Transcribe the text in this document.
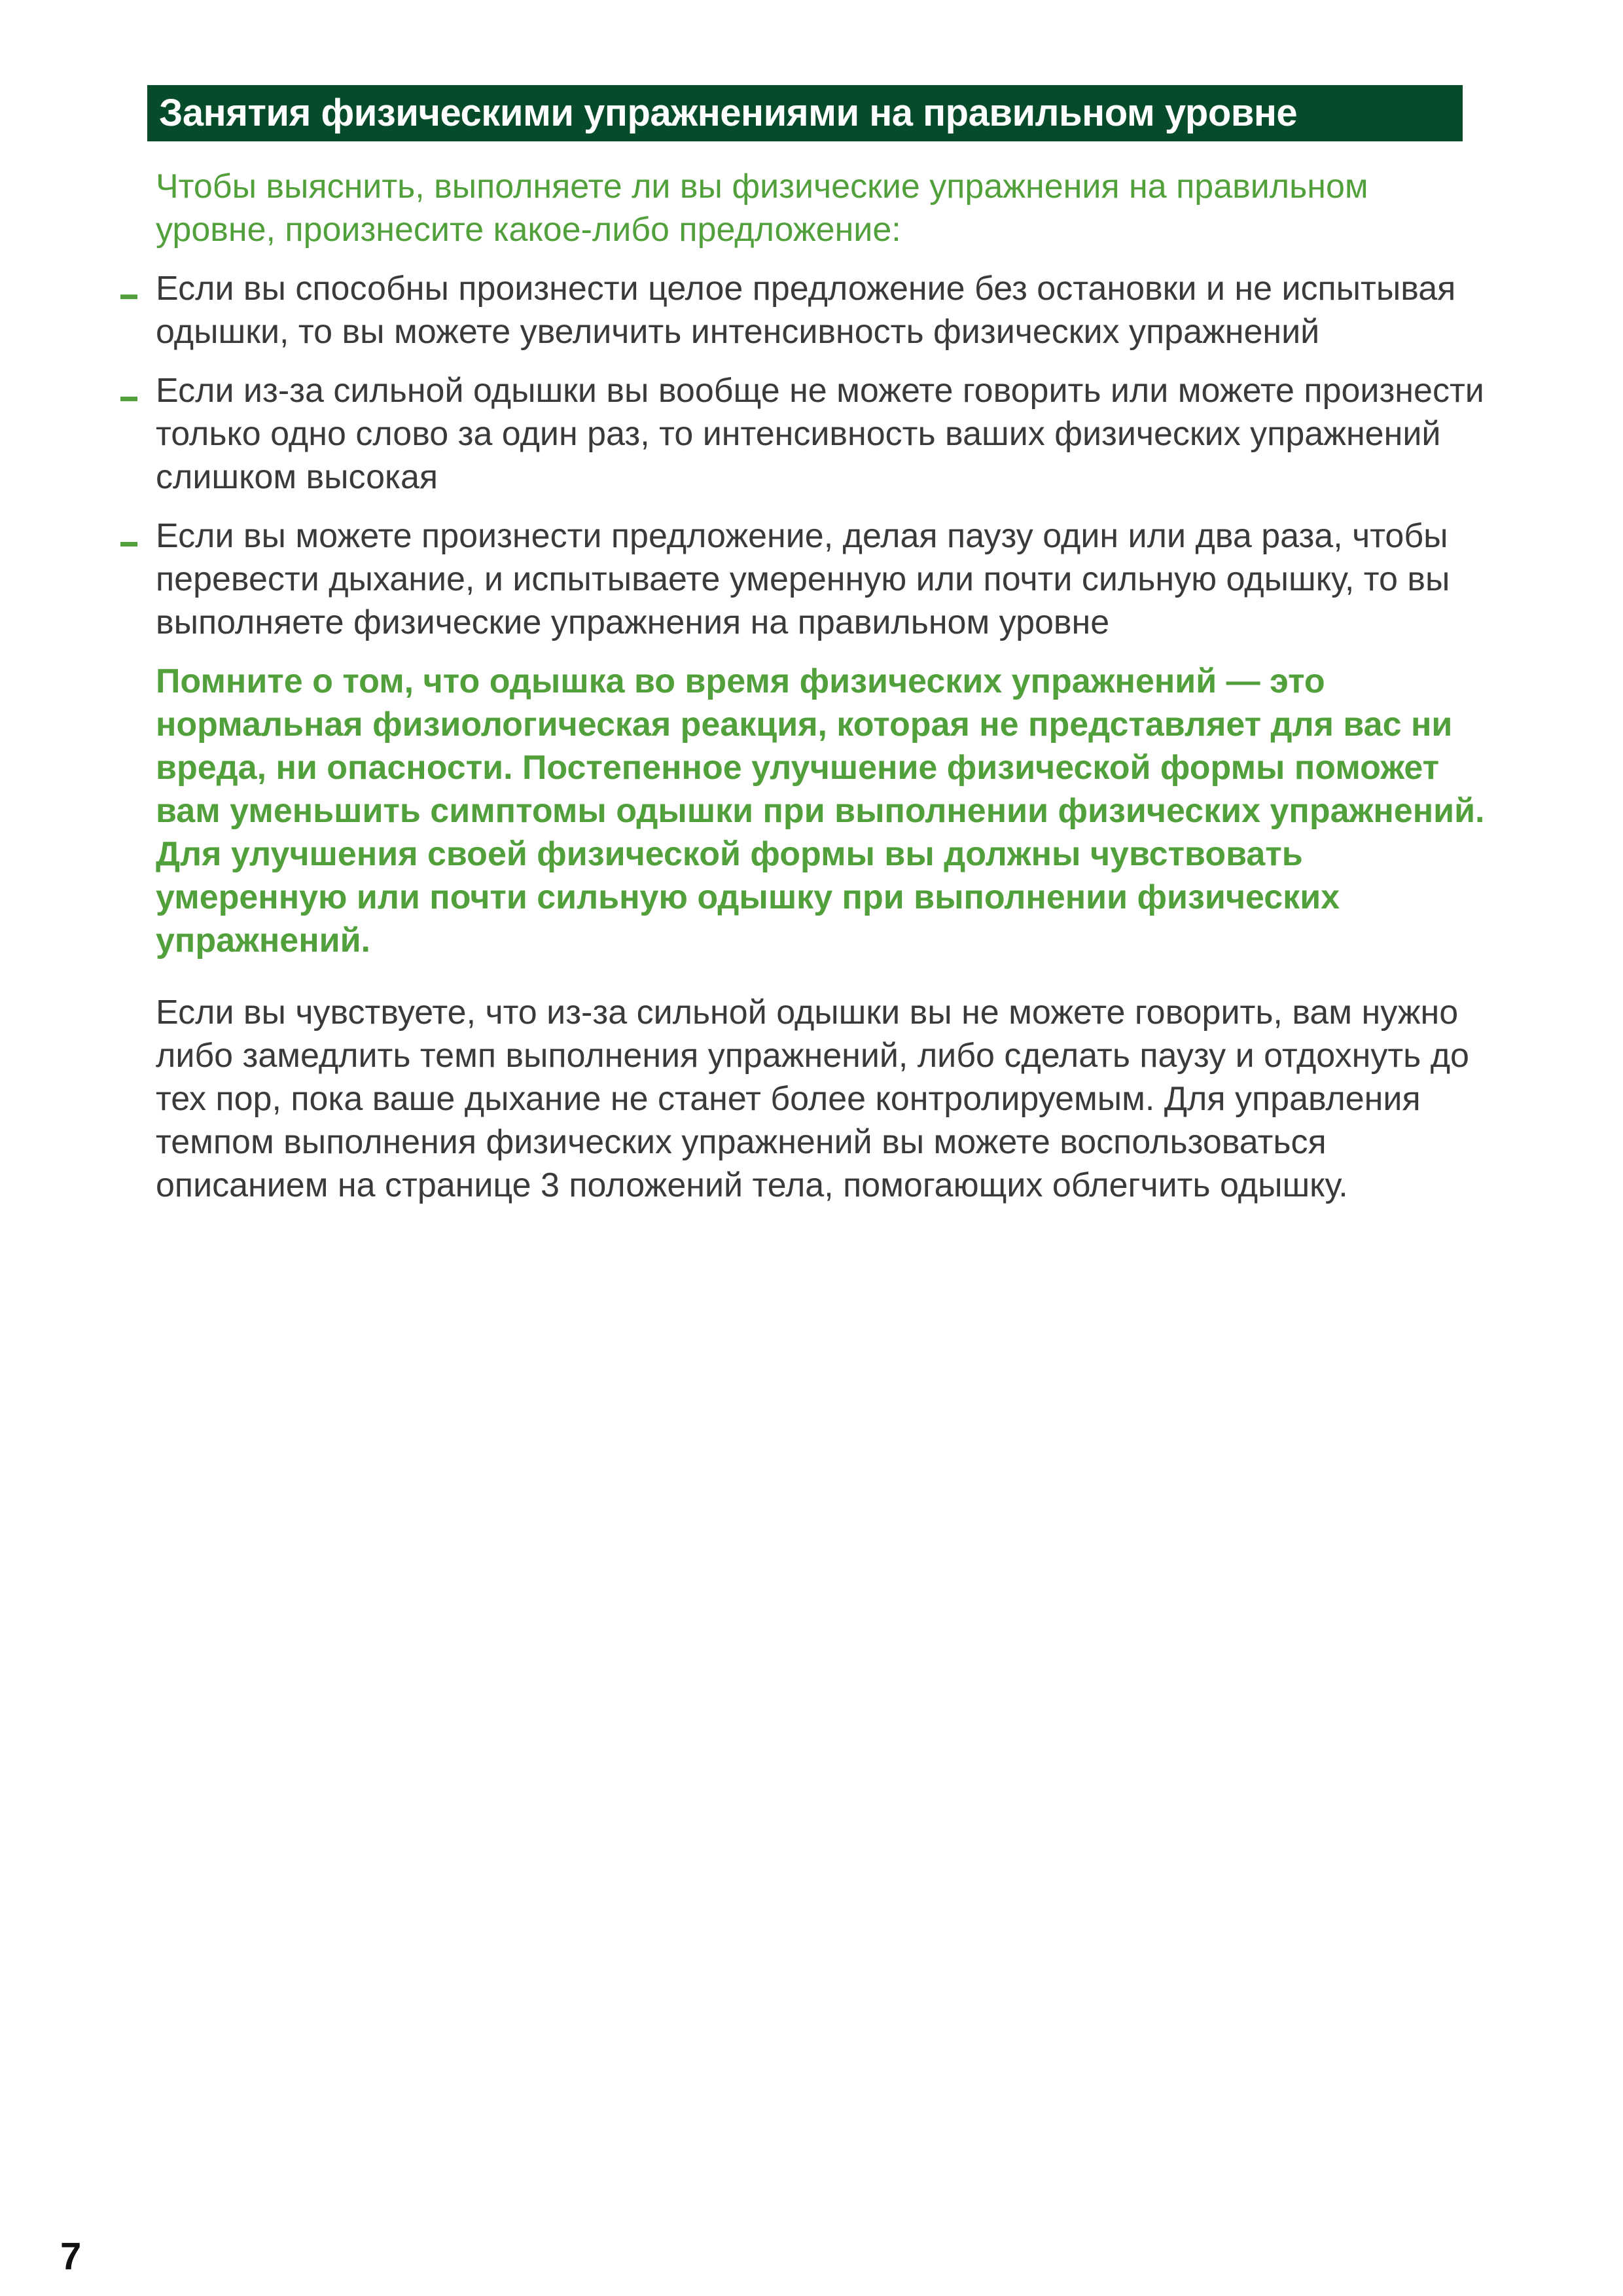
Занятия физическими упражнениями на правильном уровне

Чтобы выяснить, выполняете ли вы физические упражнения на правильном уровне, произнесите какое-либо предложение:

Если вы способны произнести целое предложение без остановки и не испытывая одышки, то вы можете увеличить интенсивность физических упражнений
Если из-за сильной одышки вы вообще не можете говорить или можете произнести только одно слово за один раз, то интенсивность ваших физических упражнений слишком высокая
Если вы можете произнести предложение, делая паузу один или два раза, чтобы перевести дыхание, и испытываете умеренную или почти сильную одышку, то вы выполняете физические упражнения на правильном уровне

Помните о том, что одышка во время физических упражнений — это нормальная физиологическая реакция, которая не представляет для вас ни вреда, ни опасности. Постепенное улучшение физической формы поможет вам уменьшить симптомы одышки при выполнении физических упражнений. Для улучшения своей физической формы вы должны чувствовать умеренную или почти сильную одышку при выполнении физических упражнений.

Если вы чувствуете, что из-за сильной одышки вы не можете говорить, вам нужно либо замедлить темп выполнения упражнений, либо сделать паузу и отдохнуть до тех пор, пока ваше дыхание не станет более контролируемым. Для управления темпом выполнения физических упражнений вы можете воспользоваться описанием на странице 3 положений тела, помогающих облегчить одышку.

7
